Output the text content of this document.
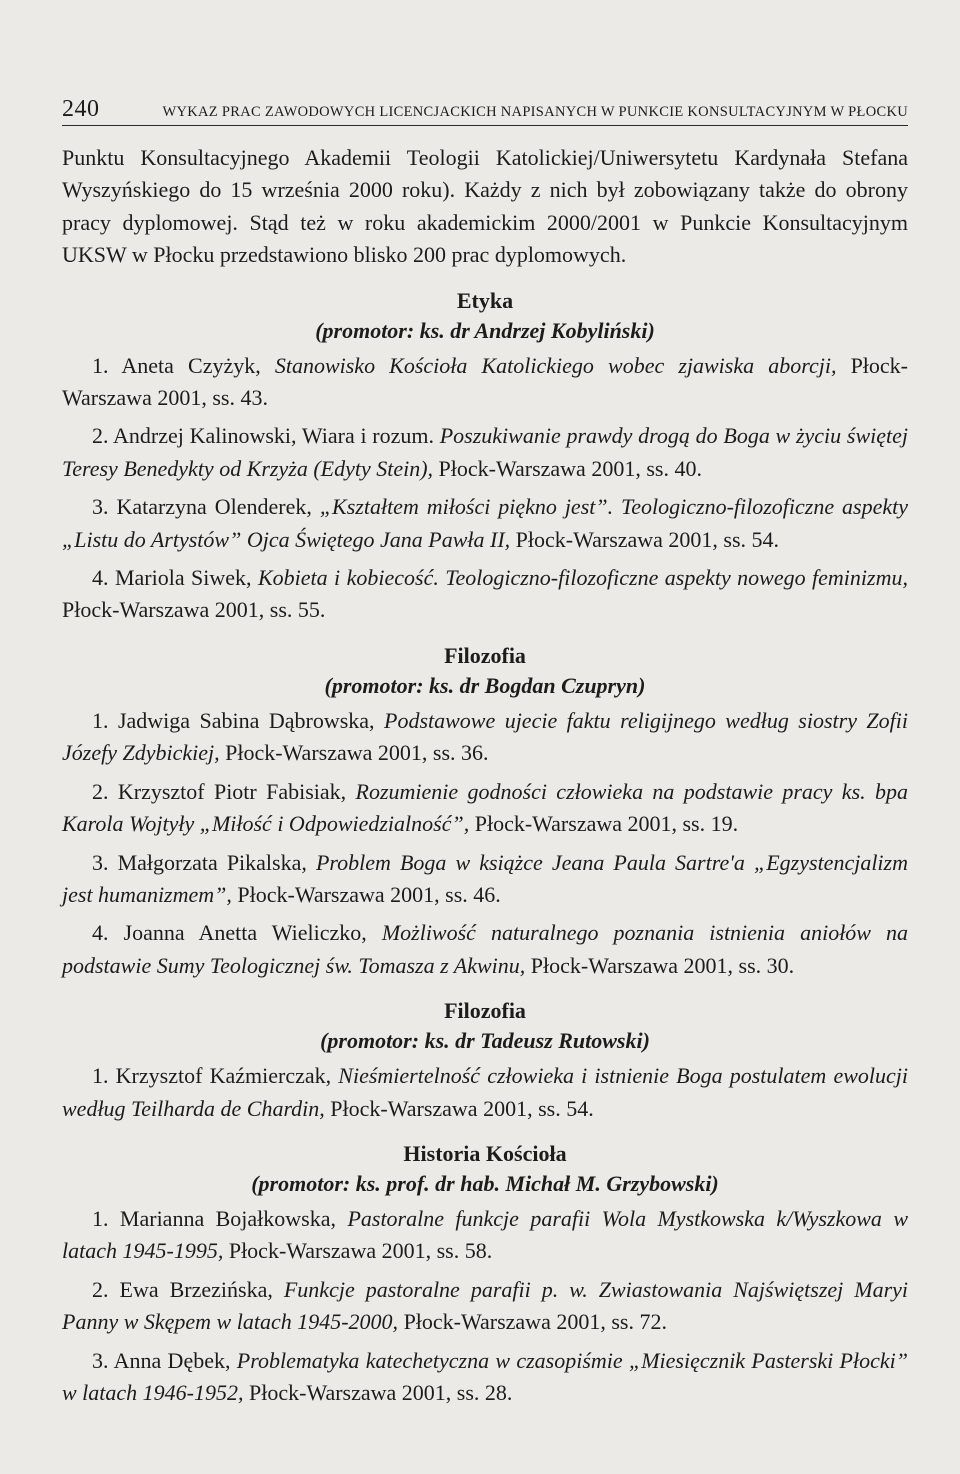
240	WYKAZ PRAC ZAWODOWYCH LICENCJACKICH NAPISANYCH W PUNKCIE KONSULTACYJNYM W PŁOCKU

Punktu Konsultacyjnego Akademii Teologii Katolickiej/Uniwersytetu Kardynała Stefana Wyszyńskiego do 15 września 2000 roku). Każdy z nich był zobowiązany także do obrony pracy dyplomowej. Stąd też w roku akademickim 2000/2001 w Punkcie Konsultacyjnym UKSW w Płocku przedstawiono blisko 200 prac dyplomowych.

Etyka

(promotor: ks. dr Andrzej Kobyliński)

1. Aneta Czyżyk, Stanowisko Kościoła Katolickiego wobec zjawiska aborcji, Płock-Warszawa 2001, ss. 43.

2. Andrzej Kalinowski, Wiara i rozum. Poszukiwanie prawdy drogą do Boga w życiu świętej Teresy Benedykty od Krzyża (Edyty Stein), Płock-Warszawa 2001, ss. 40.

3. Katarzyna Olenderek, „Kształtem miłości piękno jest”. Teologiczno-filozoficzne aspekty „Listu do Artystów” Ojca Świętego Jana Pawła II, Płock-Warszawa 2001, ss. 54.

4. Mariola Siwek, Kobieta i kobiecość. Teologiczno-filozoficzne aspekty nowego feminizmu, Płock-Warszawa 2001, ss. 55.

Filozofia

(promotor: ks. dr Bogdan Czupryn)

1. Jadwiga Sabina Dąbrowska, Podstawowe ujecie faktu religijnego według siostry Zofii Józefy Zdybickiej, Płock-Warszawa 2001, ss. 36.

2. Krzysztof Piotr Fabisiak, Rozumienie godności człowieka na podstawie pracy ks. bpa Karola Wojtyły „Miłość i Odpowiedzialność”, Płock-Warszawa 2001, ss. 19.

3. Małgorzata Pikalska, Problem Boga w książce Jeana Paula Sartre'a „Egzystencjalizm jest humanizmem”, Płock-Warszawa 2001, ss. 46.

4. Joanna Anetta Wieliczko, Możliwość naturalnego poznania istnienia aniołów na podstawie Sumy Teologicznej św. Tomasza z Akwinu, Płock-Warszawa 2001, ss. 30.

Filozofia

(promotor: ks. dr Tadeusz Rutowski)

1. Krzysztof Kaźmierczak, Nieśmiertelność człowieka i istnienie Boga postulatem ewolucji według Teilharda de Chardin, Płock-Warszawa 2001, ss. 54.

Historia Kościoła

(promotor: ks. prof. dr hab. Michał M. Grzybowski)

1. Marianna Bojałkowska, Pastoralne funkcje parafii Wola Mystkowska k/Wyszkowa w latach 1945-1995, Płock-Warszawa 2001, ss. 58.

2. Ewa Brzezińska, Funkcje pastoralne parafii p. w. Zwiastowania Najświętszej Maryi Panny w Skępem w latach 1945-2000, Płock-Warszawa 2001, ss. 72.

3. Anna Dębek, Problematyka katechetyczna w czasopiśmie „Miesięcznik Pasterski Płocki” w latach 1946-1952, Płock-Warszawa 2001, ss. 28.
